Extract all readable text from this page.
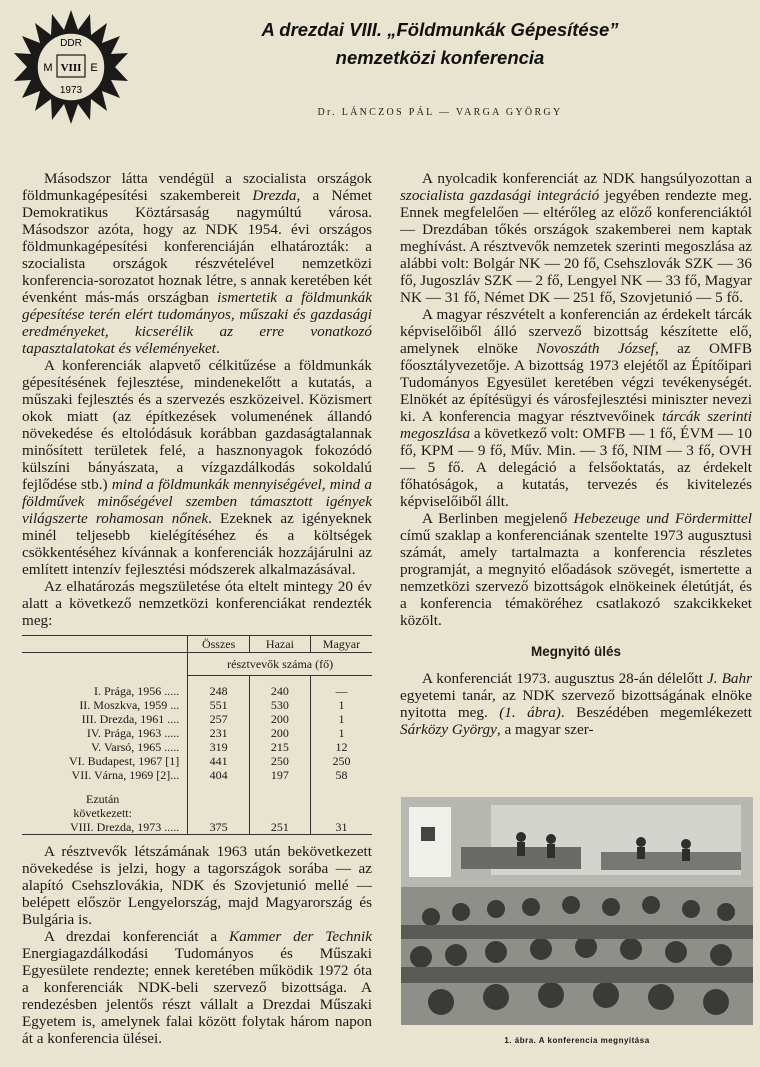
DDR
M VIII E
1973
A drezdai VIII. „Földmunkák Gépesítése”
nemzetközi konferencia
Dr. LÁNCZOS PÁL — VARGA GYÖRGY

Másodszor látta vendégül a szocialista országok földmunkagépesítési szakembereit Drezda, a Német Demokratikus Köztársaság nagymúltú városa. Másodszor azóta, hogy az NDK 1954. évi országos földmunkagépesítési konferenciáján elhatározták: a szocialista országok részvételével nemzetközi konferencia-sorozatot hoznak létre, s annak keretében két évenként más-más országban ismertetik a földmunkák gépesítése terén elért tudományos, műszaki és gazdasági eredményeket, kicserélik az erre vonatkozó tapasztalatokat és véleményeket.

A konferenciák alapvető célkitűzése a földmunkák gépesítésének fejlesztése, mindenekelőtt a kutatás, a műszaki fejlesztés és a szervezés eszközeivel. Közismert okok miatt (az építkezések volumenének állandó növekedése és eltolódásuk korábban gazdaságtalannak minősített területek felé, a hasznonyagok fokozódó külszíni bányászata, a vízgazdálkodás sokoldalú fejlődése stb.) mind a földmunkák mennyiségével, mind a földművek minőségével szemben támasztott igények világszerte rohamosan nőnek. Ezeknek az igényeknek minél teljesebb kielégítéséhez és a költségek csökkentéséhez kívánnak a konferenciák hozzájárulni az említett intenzív fejlesztési módszerek alkalmazásával.

Az elhatározás megszületése óta eltelt mintegy 20 év alatt a következő nemzetközi konferenciákat rendezték meg:

	Összes	Hazai	Magyar
	résztvevők száma (fő)		

I. Prága, 1956 .....	248	240	—
II. Moszkva, 1959 ...	551	530	1
III. Drezda, 1961 ....	257	200	1
IV. Prága, 1963 .....	231	200	1
V. Varsó, 1965 .....	319	215	12
VI. Budapest, 1967 [1]	441	250	250
VII. Várna, 1969 [2]...	404	197	58

Ezután			
következett:			
VIII. Drezda, 1973 .....	375	251	31

A résztvevők létszámának 1963 után bekövetkezett növekedése is jelzi, hogy a tagországok sorába — az alapító Csehszlovákia, NDK és Szovjetunió mellé — belépett először Lengyelország, majd Magyarország és Bulgária is.

A drezdai konferenciát a Kammer der Technik Energiagazdálkodási Tudományos és Műszaki Egyesülete rendezte; ennek keretében működik 1972 óta a konferenciák NDK-beli szervező bizottsága. A rendezésben jelentős részt vállalt a Drezdai Műszaki Egyetem is, amelynek falai között folytak három napon át a konferencia ülései.

A nyolcadik konferenciát az NDK hangsúlyozottan a szocialista gazdasági integráció jegyében rendezte meg. Ennek megfelelően — eltérőleg az előző konferenciáktól — Drezdában tőkés országok szakemberei nem kaptak meghívást. A résztvevők nemzetek szerinti megoszlása az alábbi volt: Bolgár NK — 20 fő, Csehszlovák SZK — 36 fő, Jugoszláv SZK — 2 fő, Lengyel NK — 33 fő, Magyar NK — 31 fő, Német DK — 251 fő, Szovjetunió — 5 fő.

A magyar részvételt a konferencián az érdekelt tárcák képviselőiből álló szervező bizottság készítette elő, amelynek elnöke Novoszáth József, az OMFB főosztályvezetője. A bizottság 1973 elejétől az Építőipari Tudományos Egyesület keretében végzi tevékenységét. Elnökét az építésügyi és városfejlesztési miniszter nevezi ki. A konferencia magyar résztvevőinek tárcák szerinti megoszlása a következő volt: OMFB — 1 fő, ÉVM — 10 fő, KPM — 9 fő, Műv. Min. — 3 fő, NIM — 3 fő, OVH — 5 fő. A delegáció a felsőoktatás, az érdekelt főhatóságok, a kutatás, tervezés és kivitelezés képviselőiből állt.

A Berlinben megjelenő Hebezeuge und Fördermittel című szaklap a konferenciának szentelte 1973 augusztusi számát, amely tartalmazta a konferencia részletes programját, a megnyitó előadások szövegét, ismertette a nemzetközi szervező bizottságok elnökeinek életútját, és a konferencia témaköréhez csatlakozó szakcikkeket közölt.

Megnyitó ülés

A konferenciát 1973. augusztus 28-án délelőtt J. Bahr egyetemi tanár, az NDK szervező bizottságának elnöke nyitotta meg. (1. ábra). Beszédében megemlékezett Sárközy György, a magyar szer-

1. ábra. A konferencia megnyitása
